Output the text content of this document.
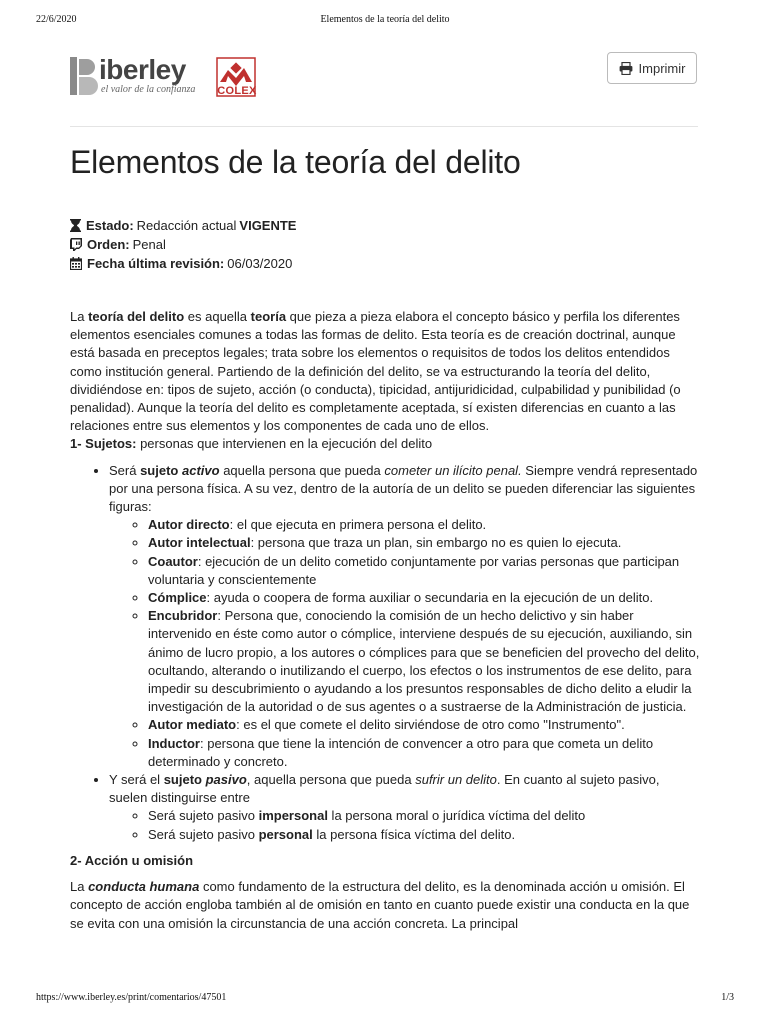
22/6/2020	Elementos de la teoría del delito
iberley
el valor de la confianza COLEX
Imprimir
Elementos de la teoría del delito
Estado: Redacción actual VIGENTE
Orden: Penal
Fecha última revisión: 06/03/2020

La teoría del delito es aquella teoría que pieza a pieza elabora el concepto básico y perfila los diferentes elementos esenciales comunes a todas las formas de delito. Esta teoría es de creación doctrinal, aunque está basada en preceptos legales; trata sobre los elementos o requisitos de todos los delitos entendidos como institución general. Partiendo de la definición del delito, se va estructurando la teoría del delito, dividiéndose en: tipos de sujeto, acción (o conducta), tipicidad, antijuridicidad, culpabilidad y punibilidad (o penalidad). Aunque la teoría del delito es completamente aceptada, sí existen diferencias en cuanto a las relaciones entre sus elementos y los componentes de cada uno de ellos.

1- Sujetos: personas que intervienen en la ejecución del delito

• Será sujeto activo aquella persona que pueda cometer un ilícito penal. Siempre vendrá representado por una persona física. A su vez, dentro de la autoría de un delito se pueden diferenciar las siguientes figuras:
◦ Autor directo: el que ejecuta en primera persona el delito.
◦ Autor intelectual: persona que traza un plan, sin embargo no es quien lo ejecuta.
◦ Coautor: ejecución de un delito cometido conjuntamente por varias personas que participan voluntaria y conscientemente
◦ Cómplice: ayuda o coopera de forma auxiliar o secundaria en la ejecución de un delito.
◦ Encubridor: Persona que, conociendo la comisión de un hecho delictivo y sin haber intervenido en éste como autor o cómplice, interviene después de su ejecución, auxiliando, sin ánimo de lucro propio, a los autores o cómplices para que se beneficien del provecho del delito, ocultando, alterando o inutilizando el cuerpo, los efectos o los instrumentos de ese delito, para impedir su descubrimiento o ayudando a los presuntos responsables de dicho delito a eludir la investigación de la autoridad o de sus agentes o a sustraerse de la Administración de justicia.
◦ Autor mediato: es el que comete el delito sirviéndose de otro como "Instrumento".
◦ Inductor: persona que tiene la intención de convencer a otro para que cometa un delito determinado y concreto.
• Y será el sujeto pasivo, aquella persona que pueda sufrir un delito. En cuanto al sujeto pasivo, suelen distinguirse entre
◦ Será sujeto pasivo impersonal la persona moral o jurídica víctima del delito
◦ Será sujeto pasivo personal la persona física víctima del delito.

2- Acción u omisión

La conducta humana como fundamento de la estructura del delito, es la denominada acción u omisión. El concepto de acción engloba también al de omisión en tanto en cuanto puede existir una conducta en la que se evita con una omisión la circunstancia de una acción concreta. La principal

https://www.iberley.es/print/comentarios/47501	1/3
